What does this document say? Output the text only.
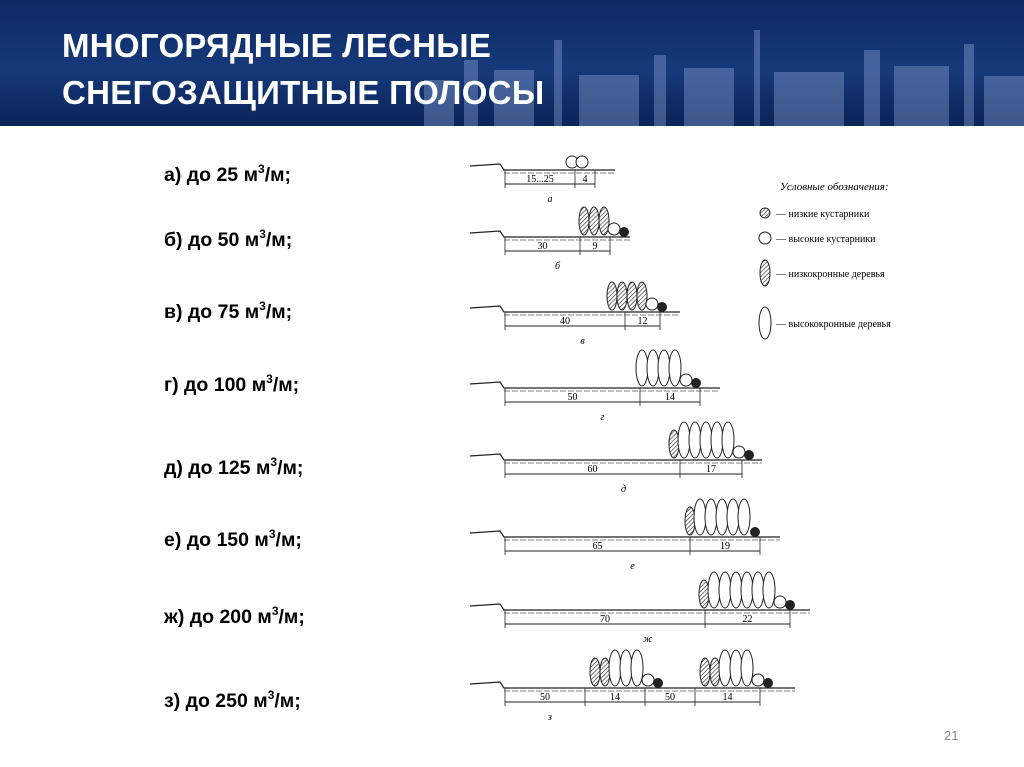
МНОГОРЯДНЫЕ ЛЕСНЫЕ
СНЕГОЗАЩИТНЫЕ ПОЛОСЫ
а) до 25 $м^3/м$;
б) до 50 $м^3/м$;
в) до 75 $м^3/м$;
г) до 100 $м^3/м$;
д) до 125 $м^3/м$;
е) до 150 $м^3/м$;
ж) до 200 $м^3/м$;
з) до 250 $м^3/м$;
Условные обозначения:
— низкие кустарники
— высокие кустарники
— низкокронные деревья
— высококронные деревья
15...25	4
а
30	9
б
40	12
в
50	14
г
60	17
д
65	19
е
70	22
ж
50	14	50	14
з
21
